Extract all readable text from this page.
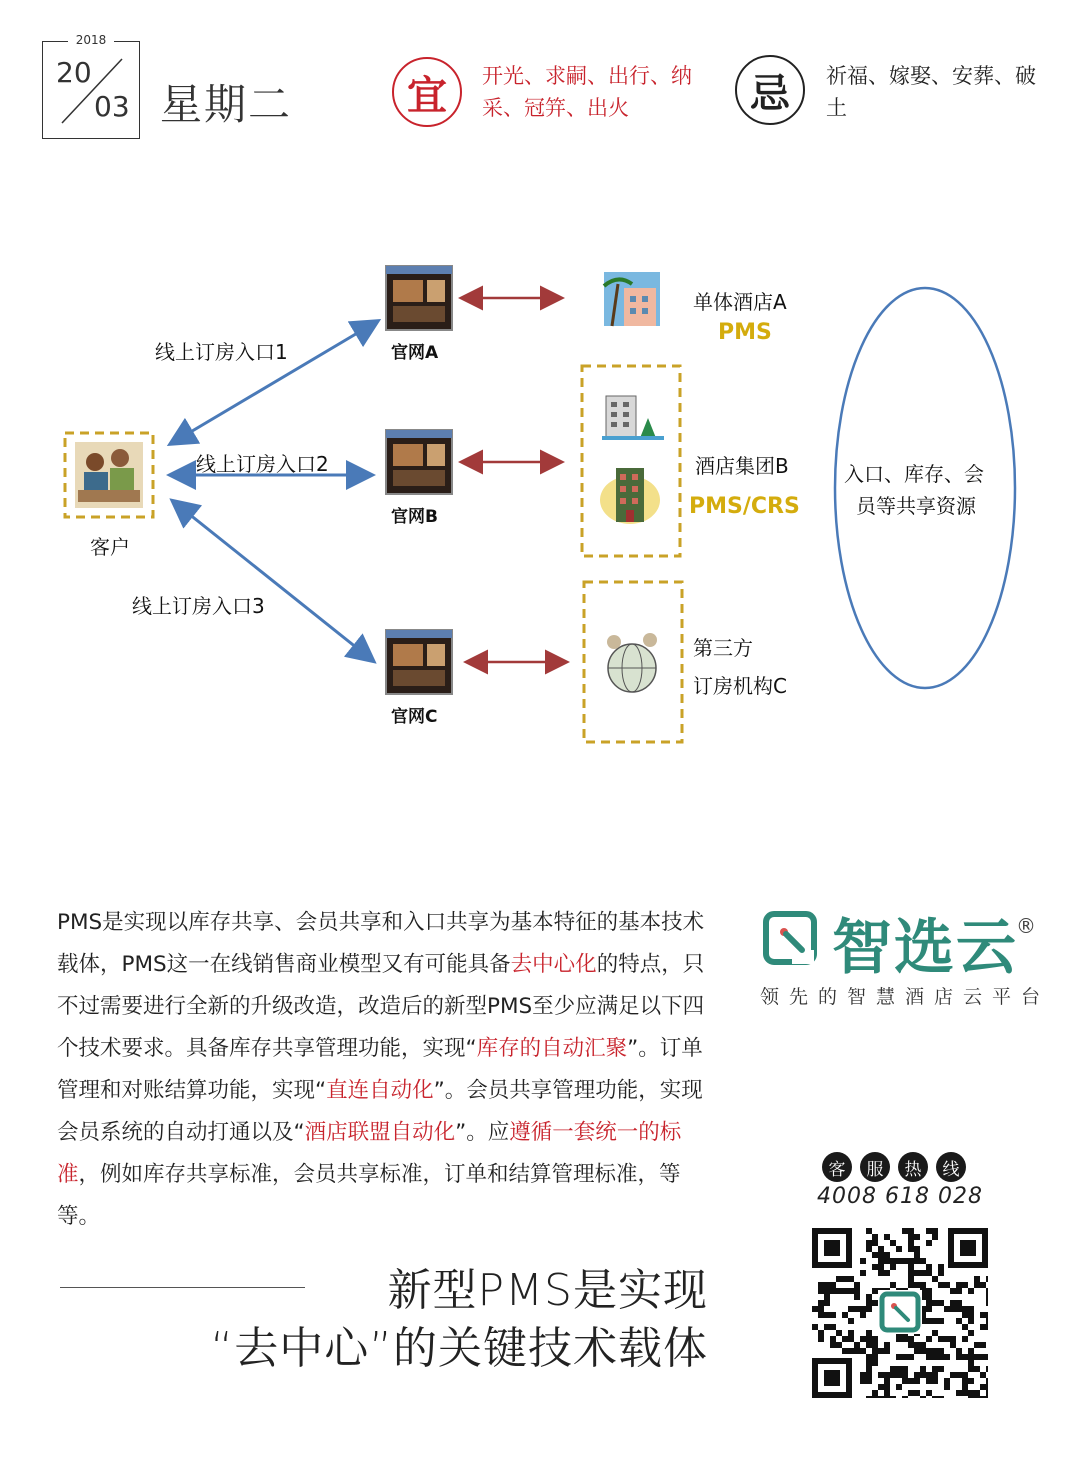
2018
20
03 星期二	宜	开光、求嗣、出行、纳采、冠笄、出火	忌	祈福、嫁娶、安葬、破土
线上订房入口1
线上订房入口2
线上订房入口3
客户
官网A
官网B
官网C
单体酒店A
PMS
酒店集团B
PMS/CRS
第三方
订房机构C
入口、库存、会
员等共享资源
PMS是实现以库存共享、会员共享和入口共享为基本特征的基本技术载体，PMS这一在线销售商业模型又有可能具备去中心化的特点，只不过需要进行全新的升级改造，改造后的新型PMS至少应满足以下四个技术要求。具备库存共享管理功能，实现“库存的自动汇聚”。订单管理和对账结算功能，实现“直连自动化”。会员共享管理功能，实现会员系统的自动打通以及“酒店联盟自动化”。应遵循一套统一的标准，例如库存共享标准，会员共享标准，订单和结算管理标准，等等。
新型PMS是实现
“去中心”的关键技术载体
智选云
®
领先的智慧酒店云平台
客	服	热	线
4008 618 028
